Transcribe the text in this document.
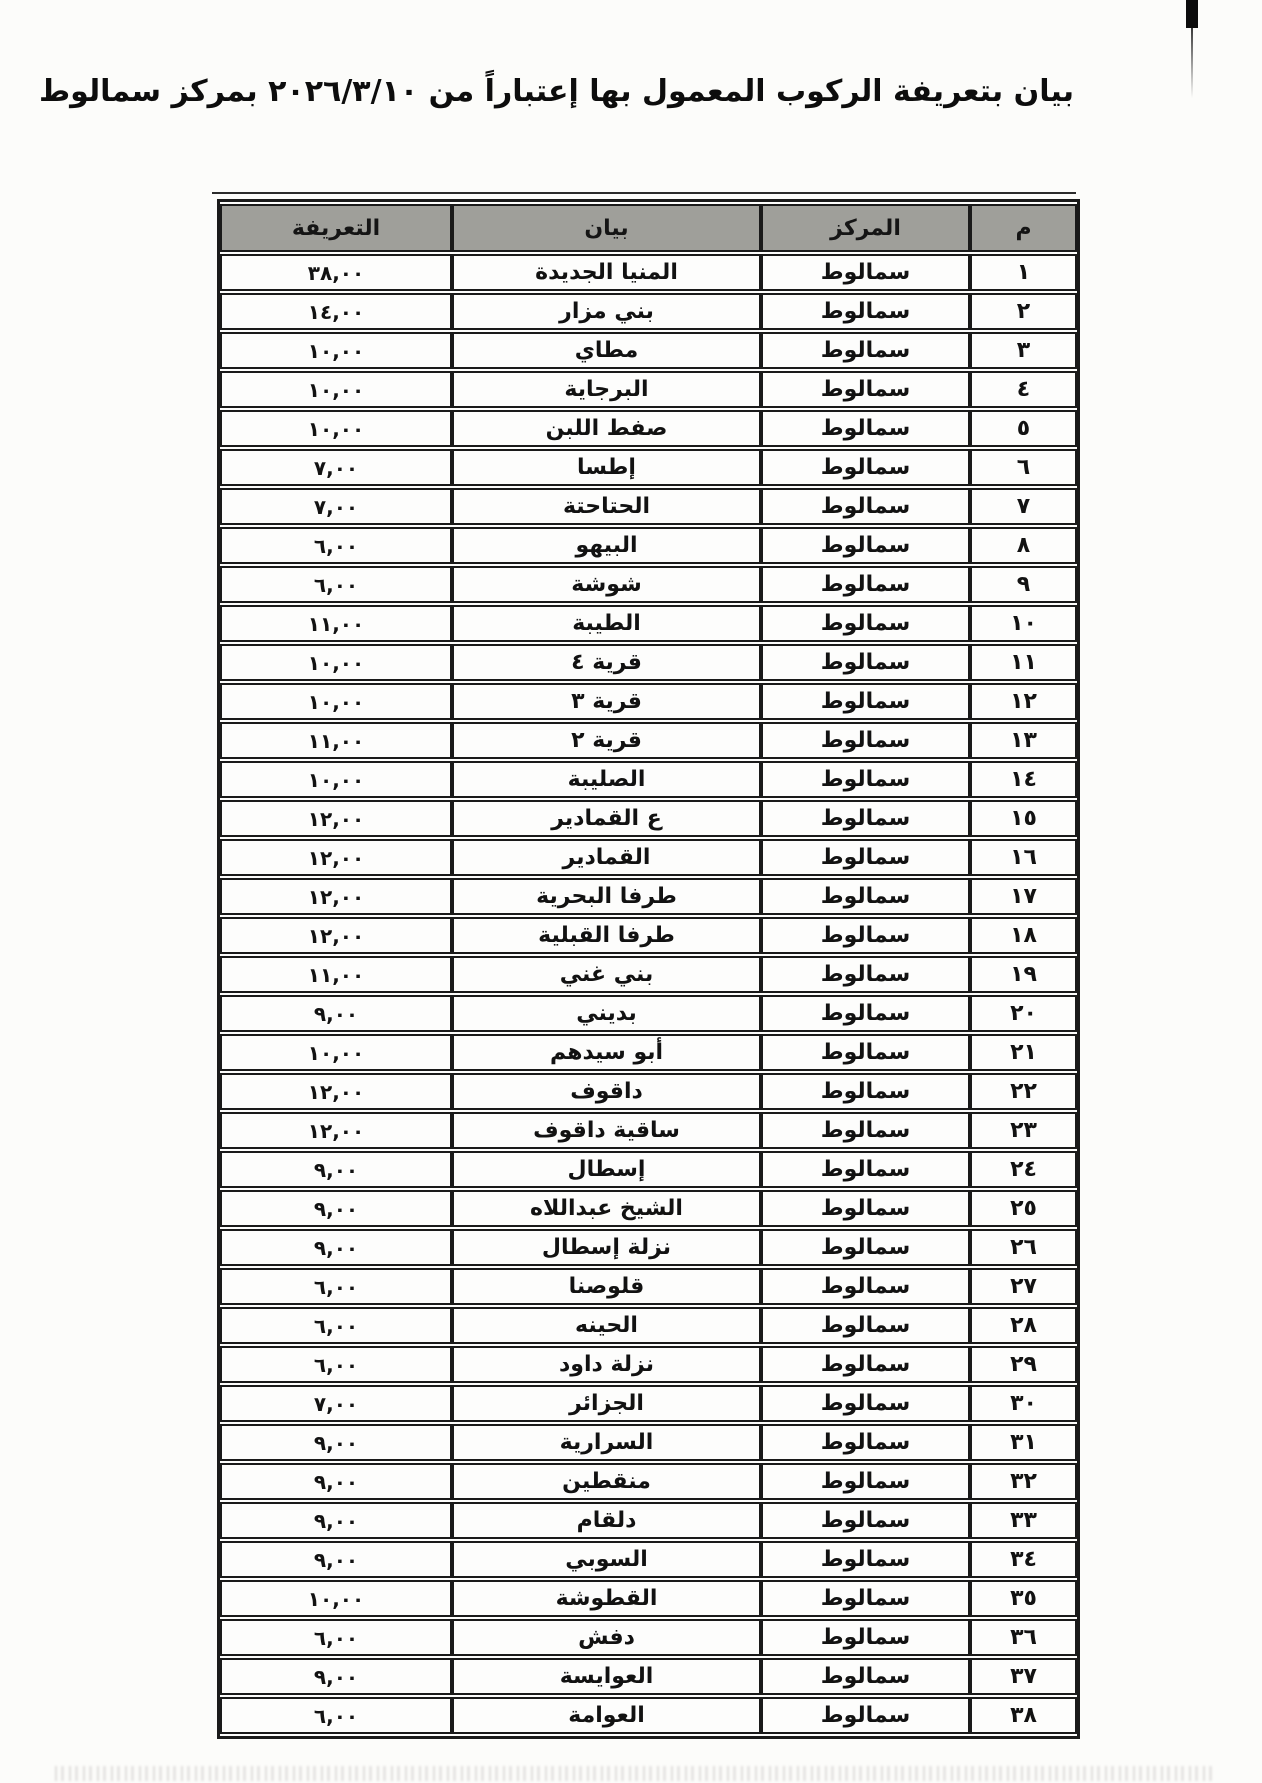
بيان بتعريفة الركوب المعمول بها إعتباراً من ٢٠٢٦/٣/١٠ بمركز سمالوط
م	المركز	بيان	التعريفة
١	سمالوط	المنيا الجديدة	٣٨,٠٠
٢	سمالوط	بني مزار	١٤,٠٠
٣	سمالوط	مطاي	١٠,٠٠
٤	سمالوط	البرجاية	١٠,٠٠
٥	سمالوط	صفط اللبن	١٠,٠٠
٦	سمالوط	إطسا	٧,٠٠
٧	سمالوط	الحتاحتة	٧,٠٠
٨	سمالوط	البيهو	٦,٠٠
٩	سمالوط	شوشة	٦,٠٠
١٠	سمالوط	الطيبة	١١,٠٠
١١	سمالوط	قرية ٤	١٠,٠٠
١٢	سمالوط	قرية ٣	١٠,٠٠
١٣	سمالوط	قرية ٢	١١,٠٠
١٤	سمالوط	الصليبة	١٠,٠٠
١٥	سمالوط	ع القمادير	١٢,٠٠
١٦	سمالوط	القمادير	١٢,٠٠
١٧	سمالوط	طرفا البحرية	١٢,٠٠
١٨	سمالوط	طرفا القبلية	١٢,٠٠
١٩	سمالوط	بني غني	١١,٠٠
٢٠	سمالوط	بديني	٩,٠٠
٢١	سمالوط	أبو سيدهم	١٠,٠٠
٢٢	سمالوط	داقوف	١٢,٠٠
٢٣	سمالوط	ساقية داقوف	١٢,٠٠
٢٤	سمالوط	إسطال	٩,٠٠
٢٥	سمالوط	الشيخ عبداللاه	٩,٠٠
٢٦	سمالوط	نزلة إسطال	٩,٠٠
٢٧	سمالوط	قلوصنا	٦,٠٠
٢٨	سمالوط	الحينه	٦,٠٠
٢٩	سمالوط	نزلة داود	٦,٠٠
٣٠	سمالوط	الجزائر	٧,٠٠
٣١	سمالوط	السرارية	٩,٠٠
٣٢	سمالوط	منقطين	٩,٠٠
٣٣	سمالوط	دلقام	٩,٠٠
٣٤	سمالوط	السوبي	٩,٠٠
٣٥	سمالوط	القطوشة	١٠,٠٠
٣٦	سمالوط	دفش	٦,٠٠
٣٧	سمالوط	العوايسة	٩,٠٠
٣٨	سمالوط	العوامة	٦,٠٠
